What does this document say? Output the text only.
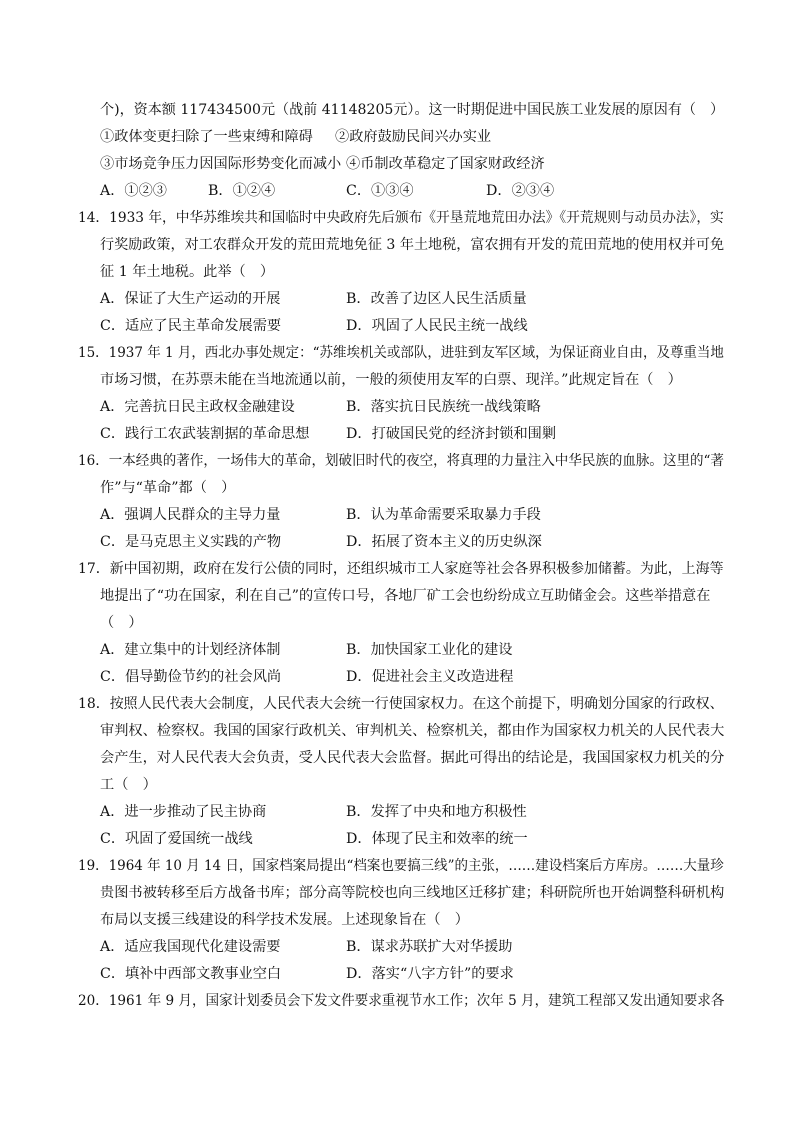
个)，资本额 117434500元（战前 41148205元）。这一时期促进中国民族工业发展的原因有（　）
①政体变更扫除了一些束缚和障碍 ②政府鼓励民间兴办实业
③市场竞争压力因国际形势变化而减小 ④币制改革稳定了国家财政经济
A．①②③	B．①②④	C．①③④	D．②③④
14．1933 年，中华苏维埃共和国临时中央政府先后颁布《开垦荒地荒田办法》《开荒规则与动员办法》，实
行奖励政策，对工农群众开发的荒田荒地免征 3 年土地税，富农拥有开发的荒田荒地的使用权并可免
征 1 年土地税。此举（　）
A．保证了大生产运动的开展	B．改善了边区人民生活质量
C．适应了民主革命发展需要	D．巩固了人民民主统一战线
15．1937 年 1 月，西北办事处规定：“苏维埃机关或部队，进驻到友军区域，为保证商业自由，及尊重当地
市场习惯，在苏票未能在当地流通以前，一般的须使用友军的白票、现洋。”此规定旨在（　）
A．完善抗日民主政权金融建设	B．落实抗日民族统一战线策略
C．践行工农武装割据的革命思想	D．打破国民党的经济封锁和围剿
16．一本经典的著作，一场伟大的革命，划破旧时代的夜空，将真理的力量注入中华民族的血脉。这里的“著
作”与“革命”都（　）
A．强调人民群众的主导力量	B．认为革命需要采取暴力手段
C．是马克思主义实践的产物	D．拓展了资本主义的历史纵深
17．新中国初期，政府在发行公债的同时，还组织城市工人家庭等社会各界积极参加储蓄。为此，上海等
地提出了“功在国家，利在自己”的宣传口号，各地厂矿工会也纷纷成立互助储金会。这些举措意在
（　）
A．建立集中的计划经济体制	B．加快国家工业化的建设
C．倡导勤俭节约的社会风尚	D．促进社会主义改造进程
18．按照人民代表大会制度，人民代表大会统一行使国家权力。在这个前提下，明确划分国家的行政权、
审判权、检察权。我国的国家行政机关、审判机关、检察机关，都由作为国家权力机关的人民代表大
会产生，对人民代表大会负责，受人民代表大会监督。据此可得出的结论是，我国国家权力机关的分
工（　）
A．进一步推动了民主协商	B．发挥了中央和地方积极性
C．巩固了爱国统一战线	D．体现了民主和效率的统一
19．1964 年 10 月 14 日，国家档案局提出“档案也要搞三线”的主张，……建设档案后方库房。……大量珍
贵图书被转移至后方战备书库；部分高等院校也向三线地区迁移扩建；科研院所也开始调整科研机构
布局以支援三线建设的科学技术发展。上述现象旨在（　）
A．适应我国现代化建设需要	B．谋求苏联扩大对华援助
C．填补中西部文教事业空白	D．落实“八字方针”的要求
20．1961 年 9 月，国家计划委员会下发文件要求重视节水工作；次年 5 月，建筑工程部又发出通知要求各
